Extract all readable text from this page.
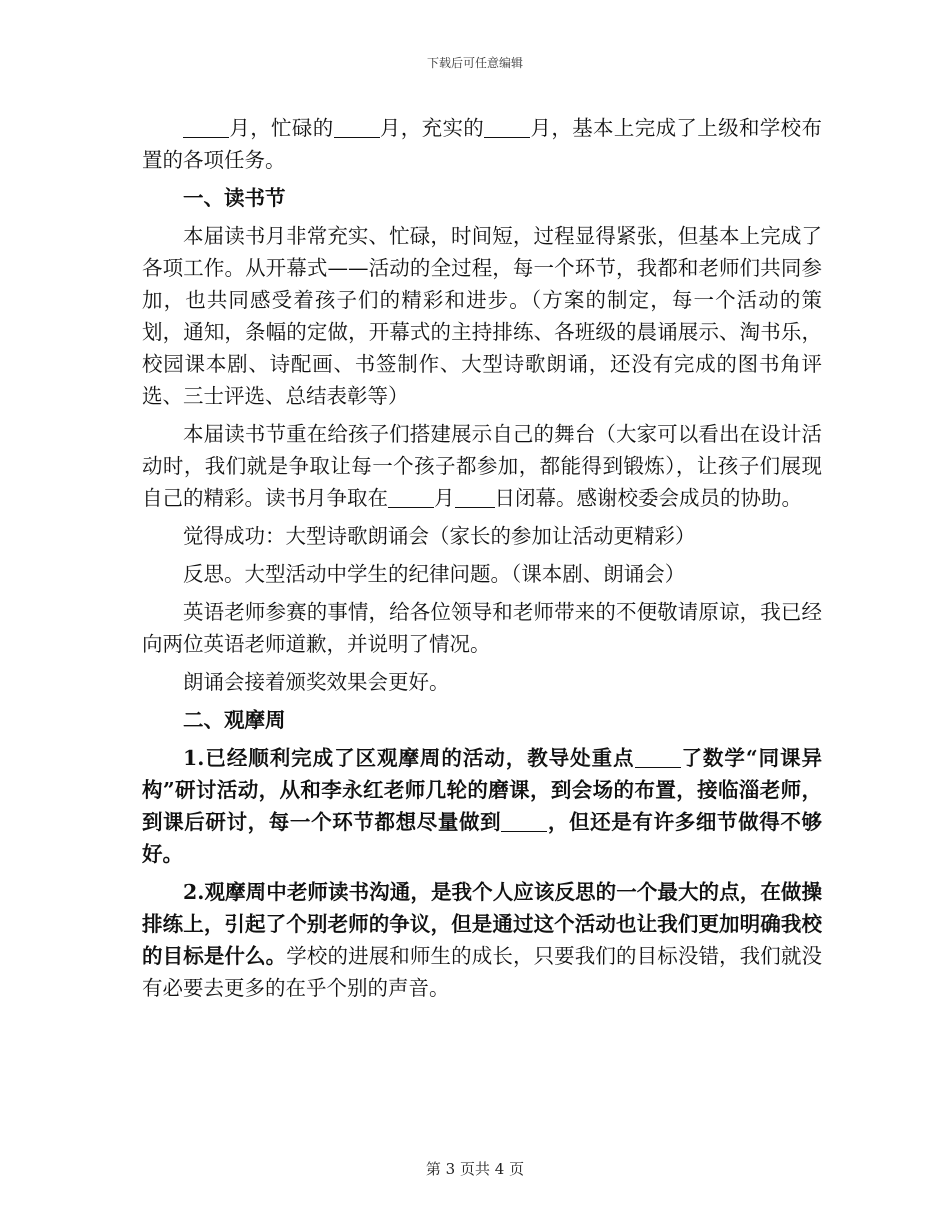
下载后可任意编辑

月，忙碌的 月，充实的 月，基本上完成了上级和学校布置的各项任务。

一、读书节

本届读书月非常充实、忙碌，时间短，过程显得紧张，但基本上完成了各项工作。从开幕式——活动的全过程，每一个环节，我都和老师们共同参加，也共同感受着孩子们的精彩和进步。（方案的制定，每一个活动的策划，通知，条幅的定做，开幕式的主持排练、各班级的晨诵展示、淘书乐，校园课本剧、诗配画、书签制作、大型诗歌朗诵，还没有完成的图书角评选、三士评选、总结表彰等）

本届读书节重在给孩子们搭建展示自己的舞台（大家可以看出在设计活动时，我们就是争取让每一个孩子都参加，都能得到锻炼），让孩子们展现自己的精彩。读书月争取在 月 日闭幕。感谢校委会成员的协助。

觉得成功：大型诗歌朗诵会（家长的参加让活动更精彩）

反思。大型活动中学生的纪律问题。（课本剧、朗诵会）

英语老师参赛的事情，给各位领导和老师带来的不便敬请原谅，我已经向两位英语老师道歉，并说明了情况。

朗诵会接着颁奖效果会更好。

二、观摩周

1.已经顺利完成了区观摩周的活动，教导处重点 了数学“同课异构”研讨活动，从和李永红老师几轮的磨课，到会场的布置，接临淄老师，到课后研讨，每一个环节都想尽量做到 ，但还是有许多细节做得不够好。

2.观摩周中老师读书沟通，是我个人应该反思的一个最大的点，在做操排练上，引起了个别老师的争议，但是通过这个活动也让我们更加明确我校的目标是什么。学校的进展和师生的成长，只要我们的目标没错，我们就没有必要去更多的在乎个别的声音。

第 3 页共 4 页
